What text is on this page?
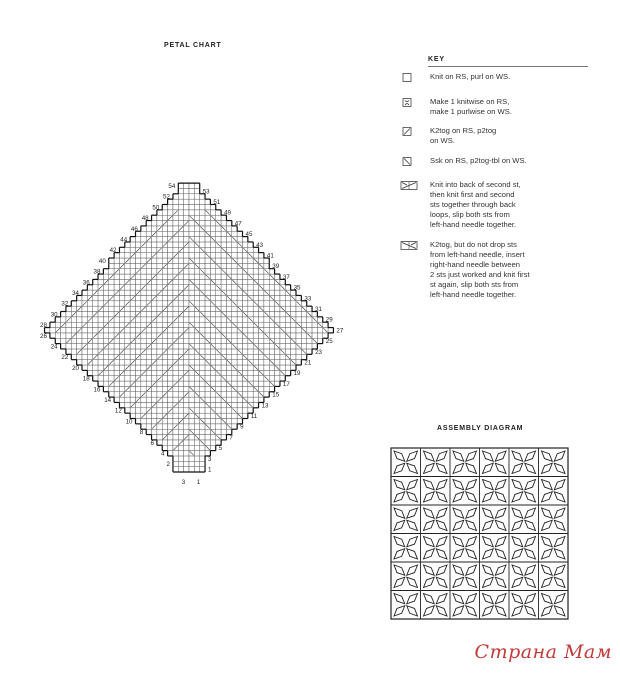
PETAL CHART
1
3
5
7
9
11
13
15
17
19
21
23
25
27
29
31
33
35
37
39
41
43
45
47
49
51
53
2
4
6
8
10
12
14
16
18
20
22
24
26
28
30
32
34
36
38
40
42
44
46
48
50
52
54
3 1
KEY
Knit on RS, purl on WS.
Make 1 knitwise on RS,
make 1 purlwise on WS.
K2tog on RS, p2tog
on WS.
Ssk on RS, p2tog-tbl on WS.
Knit into back of second st,
then knit first and second
sts together through back
loops, slip both sts from
left-hand needle together.
K2tog, but do not drop sts
from left-hand needle, insert
right-hand needle between
2 sts just worked and knit first
st again, slip both sts from
left-hand needle together.
ASSEMBLY DIAGRAM
Страна Мам
